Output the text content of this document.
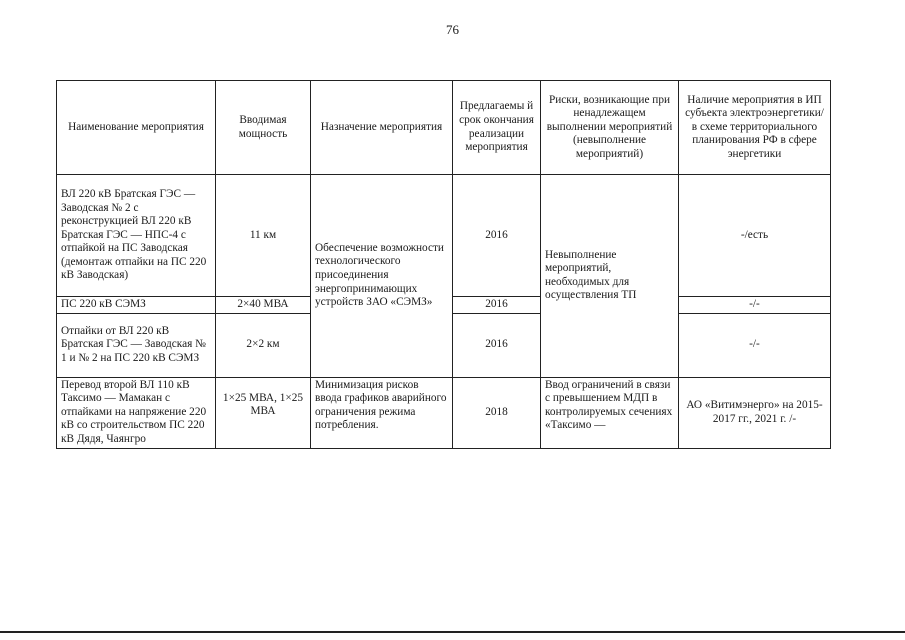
76
Наименование мероприятия	Вводимая мощность	Назначение мероприятия	Предлагаемы й срок окончания реализации мероприятия	Риски, возникающие при ненадлежащем выполнении мероприятий (невыполнение мероприятий)	Наличие мероприятия в ИП субъекта электроэнергетики/в схеме территориального планирования РФ в сфере энергетики
ВЛ 220 кВ Братская ГЭС — Заводская № 2 с реконструкцией ВЛ 220 кВ Братская ГЭС — НПС-4 с отпайкой на ПС Заводская (демонтаж отпайки на ПС 220 кВ Заводская)	11 км	Обеспечение возможности технологического присоединения энергопринимающих устройств ЗАО «СЭМЗ»	2016	Невыполнение мероприятий, необходимых для осуществления ТП	-/есть
ПС 220 кВ СЭМЗ	2×40 МВА		2016		-/-
Отпайки от ВЛ 220 кВ Братская ГЭС — Заводская № 1 и № 2 на ПС 220 кВ СЭМЗ	2×2 км		2016		-/-

Перевод второй ВЛ 110 кВ Таксимо — Мамакан с отпайками на напряжение 220 кВ со строительством ПС 220 кВ Дядя, Чаянгро	1×25 МВА, 1×25 МВА	Минимизация рисков ввода графиков аварийного ограничения режима потребления.	2018	Ввод ограничений в связи с превышением МДП в контролируемых сечениях «Таксимо —	АО «Витимэнерго» на 2015-2017 гг., 2021 г. /-
